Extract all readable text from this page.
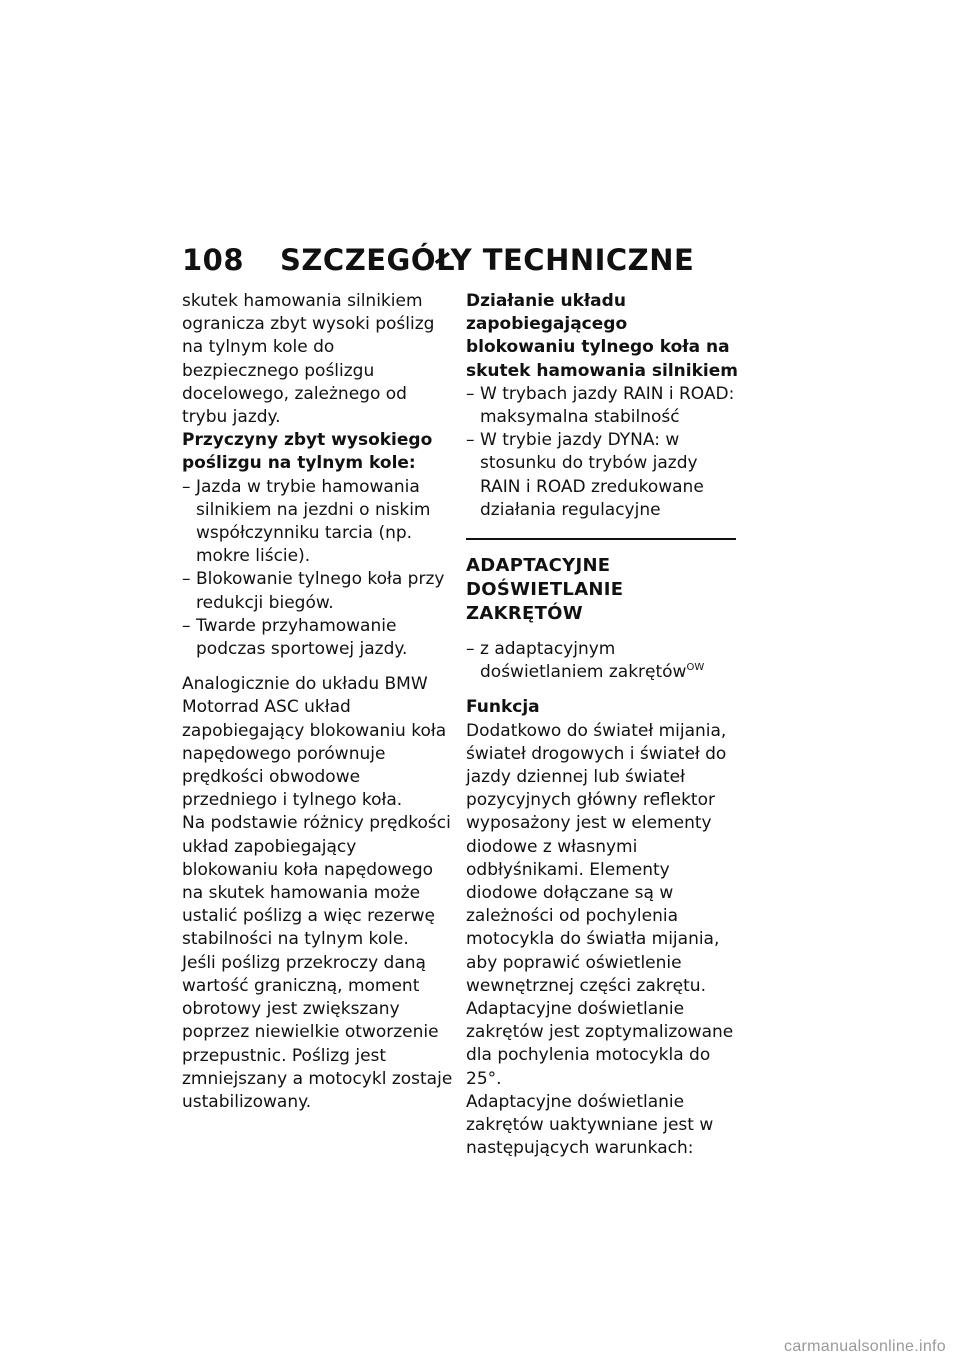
108 SZCZEGÓŁY TECHNICZNE

skutek hamowania silnikiem ogranicza zbyt wysoki poślizg na tylnym kole do bezpiecznego poślizgu docelowego, zależnego od trybu jazdy.

Przyczyny zbyt wysokiego poślizgu na tylnym kole:

– Jazda w trybie hamowania silnikiem na jezdni o niskim współczynniku tarcia (np. mokre liście).
– Blokowanie tylnego koła przy redukcji biegów.
– Twarde przyhamowanie podczas sportowej jazdy.

Analogicznie do układu BMW Motorrad ASC układ zapobiegający blokowaniu koła napędowego porównuje prędkości obwodowe przedniego i tylnego koła.

Na podstawie różnicy prędkości układ zapobiegający blokowaniu koła napędowego na skutek hamowania może ustalić poślizg a więc rezerwę stabilności na tylnym kole.

Jeśli poślizg przekroczy daną wartość graniczną, moment obrotowy jest zwiększany poprzez niewielkie otworzenie przepustnic. Poślizg jest zmniejszany a motocykl zostaje ustabilizowany.

Działanie układu zapobiegającego blokowaniu tylnego koła na skutek hamowania silnikiem

– W trybach jazdy RAIN i ROAD: maksymalna stabilność
– W trybie jazdy DYNA: w stosunku do trybów jazdy RAIN i ROAD zredukowane działania regulacyjne

ADAPTACYJNE DOŚWIETLANIE ZAKRĘTÓW

– z adaptacyjnym doświetlaniem zakrętów$^{OW}$

Funkcja

Dodatkowo do świateł mijania, świateł drogowych i świateł do jazdy dziennej lub świateł pozycyjnych główny reflektor wyposażony jest w elementy diodowe z własnymi odbłyśnikami. Elementy diodowe dołączane są w zależności od pochylenia motocykla do światła mijania, aby poprawić oświetlenie wewnętrznej części zakrętu.

Adaptacyjne doświetlanie zakrętów jest zoptymalizowane dla pochylenia motocykla do 25°.

Adaptacyjne doświetlanie zakrętów uaktywniane jest w następujących warunkach:

carmanualsonline.info
